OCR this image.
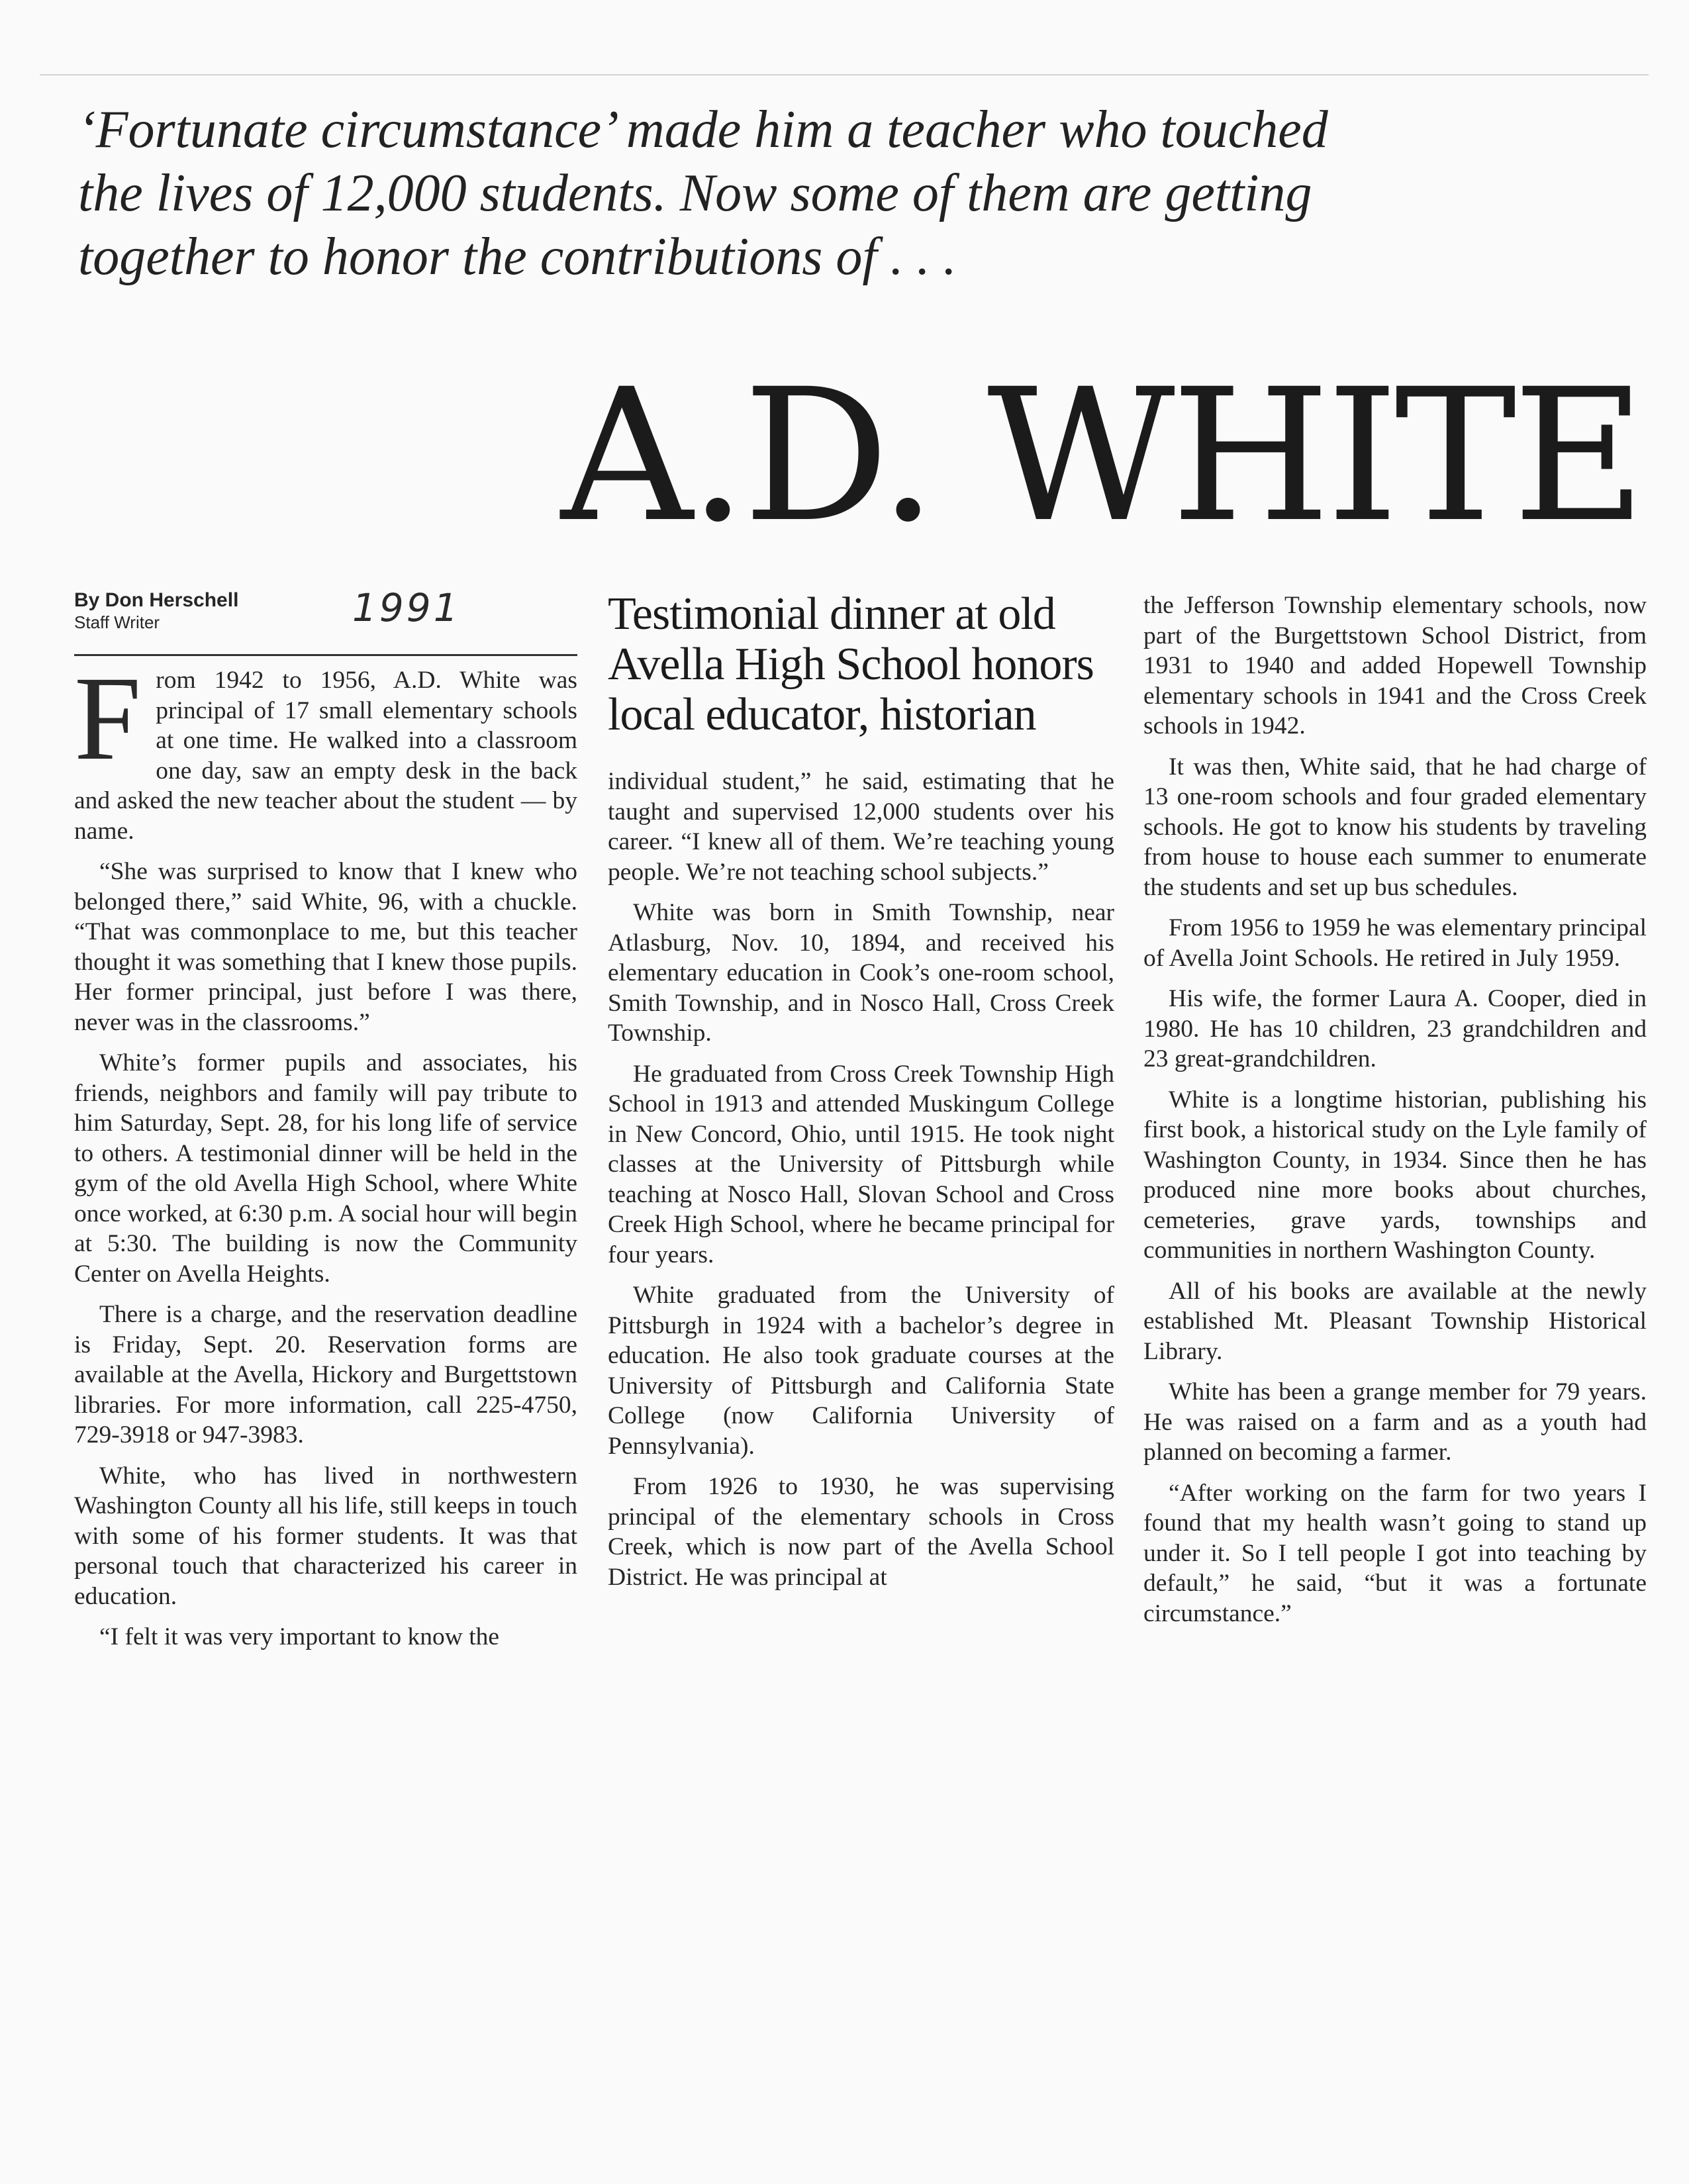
‘Fortunate circumstance’ made him a teacher who touched
the lives of 12,000 students. Now some of them are getting
together to honor the contributions of . . .
A.D. WHITE
By Don Herschell
Staff Writer	1991

From 1942 to 1956, A.D. White was principal of 17 small elementary schools at one time. He walked into a classroom one day, saw an empty desk in the back and asked the new teacher about the student — by name.

“She was surprised to know that I knew who belonged there,” said White, 96, with a chuckle. “That was commonplace to me, but this teacher thought it was something that I knew those pupils. Her former principal, just before I was there, never was in the classrooms.”

White’s former pupils and associates, his friends, neighbors and family will pay tribute to him Saturday, Sept. 28, for his long life of service to others. A testimonial dinner will be held in the gym of the old Avella High School, where White once worked, at 6:30 p.m. A social hour will begin at 5:30. The building is now the Community Center on Avella Heights.

There is a charge, and the reservation deadline is Friday, Sept. 20. Reservation forms are available at the Avella, Hickory and Burgettstown libraries. For more information, call 225-4750, 729-3918 or 947-3983.

White, who has lived in northwestern Washington County all his life, still keeps in touch with some of his former students. It was that personal touch that characterized his career in education.

“I felt it was very important to know the

Testimonial dinner at old Avella High School honors local educator, historian

individual student,” he said, estimating that he taught and supervised 12,000 students over his career. “I knew all of them. We’re teaching young people. We’re not teaching school subjects.”

White was born in Smith Township, near Atlasburg, Nov. 10, 1894, and received his elementary education in Cook’s one-room school, Smith Township, and in Nosco Hall, Cross Creek Township.

He graduated from Cross Creek Township High School in 1913 and attended Muskingum College in New Concord, Ohio, until 1915. He took night classes at the University of Pittsburgh while teaching at Nosco Hall, Slovan School and Cross Creek High School, where he became principal for four years.

White graduated from the University of Pittsburgh in 1924 with a bachelor’s degree in education. He also took graduate courses at the University of Pittsburgh and California State College (now California University of Pennsylvania).

From 1926 to 1930, he was supervising principal of the elementary schools in Cross Creek, which is now part of the Avella School District. He was principal at

the Jefferson Township elementary schools, now part of the Burgettstown School District, from 1931 to 1940 and added Hopewell Township elementary schools in 1941 and the Cross Creek schools in 1942.

It was then, White said, that he had charge of 13 one-room schools and four graded elementary schools. He got to know his students by traveling from house to house each summer to enumerate the students and set up bus schedules.

From 1956 to 1959 he was elementary principal of Avella Joint Schools. He retired in July 1959.

His wife, the former Laura A. Cooper, died in 1980. He has 10 children, 23 grandchildren and 23 great-grandchildren.

White is a longtime historian, publishing his first book, a historical study on the Lyle family of Washington County, in 1934. Since then he has produced nine more books about churches, cemeteries, grave yards, townships and communities in northern Washington County.

All of his books are available at the newly established Mt. Pleasant Township Historical Library.

White has been a grange member for 79 years. He was raised on a farm and as a youth had planned on becoming a farmer.

“After working on the farm for two years I found that my health wasn’t going to stand up under it. So I tell people I got into teaching by default,” he said, “but it was a fortunate circumstance.”
